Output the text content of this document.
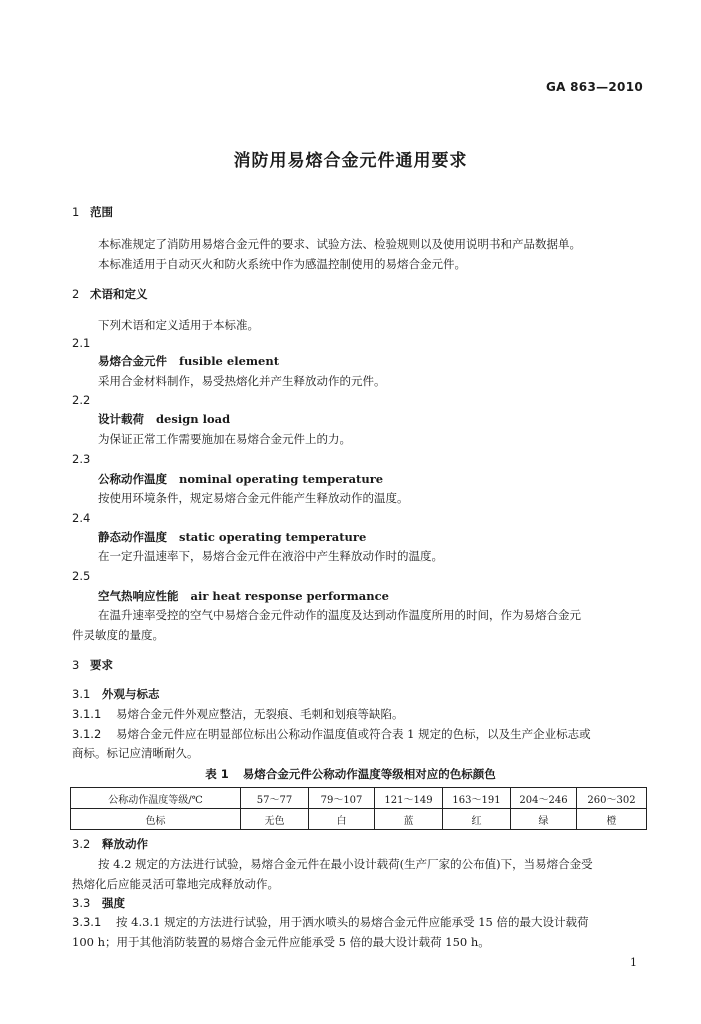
GA 863—2010
消防用易熔合金元件通用要求
1 范围
本标准规定了消防用易熔合金元件的要求、试验方法、检验规则以及使用说明书和产品数据单。
本标准适用于自动灭火和防火系统中作为感温控制使用的易熔合金元件。
2 术语和定义
下列术语和定义适用于本标准。
2.1
易熔合金元件 fusible element
采用合金材料制作，易受热熔化并产生释放动作的元件。
2.2
设计载荷 design load
为保证正常工作需要施加在易熔合金元件上的力。
2.3
公称动作温度 nominal operating temperature
按使用环境条件，规定易熔合金元件能产生释放动作的温度。
2.4
静态动作温度 static operating temperature
在一定升温速率下，易熔合金元件在液浴中产生释放动作时的温度。
2.5
空气热响应性能 air heat response performance
在温升速率受控的空气中易熔合金元件动作的温度及达到动作温度所用的时间，作为易熔合金元
件灵敏度的量度。
3 要求
3.1 外观与标志
3.1.1 易熔合金元件外观应整洁，无裂痕、毛刺和划痕等缺陷。
3.1.2 易熔合金元件应在明显部位标出公称动作温度值或符合表 1 规定的色标，以及生产企业标志或
商标。标记应清晰耐久。
表 1 易熔合金元件公称动作温度等级相对应的色标颜色
公称动作温度等级/℃	57～77	79～107	121～149	163～191	204～246	260～302
色标	无色	白	蓝	红	绿	橙
3.2 释放动作
按 4.2 规定的方法进行试验，易熔合金元件在最小设计载荷(生产厂家的公布值)下，当易熔合金受
热熔化后应能灵活可靠地完成释放动作。
3.3 强度
3.3.1 按 4.3.1 规定的方法进行试验，用于洒水喷头的易熔合金元件应能承受 15 倍的最大设计载荷
100 h；用于其他消防装置的易熔合金元件应能承受 5 倍的最大设计载荷 150 h。
1
